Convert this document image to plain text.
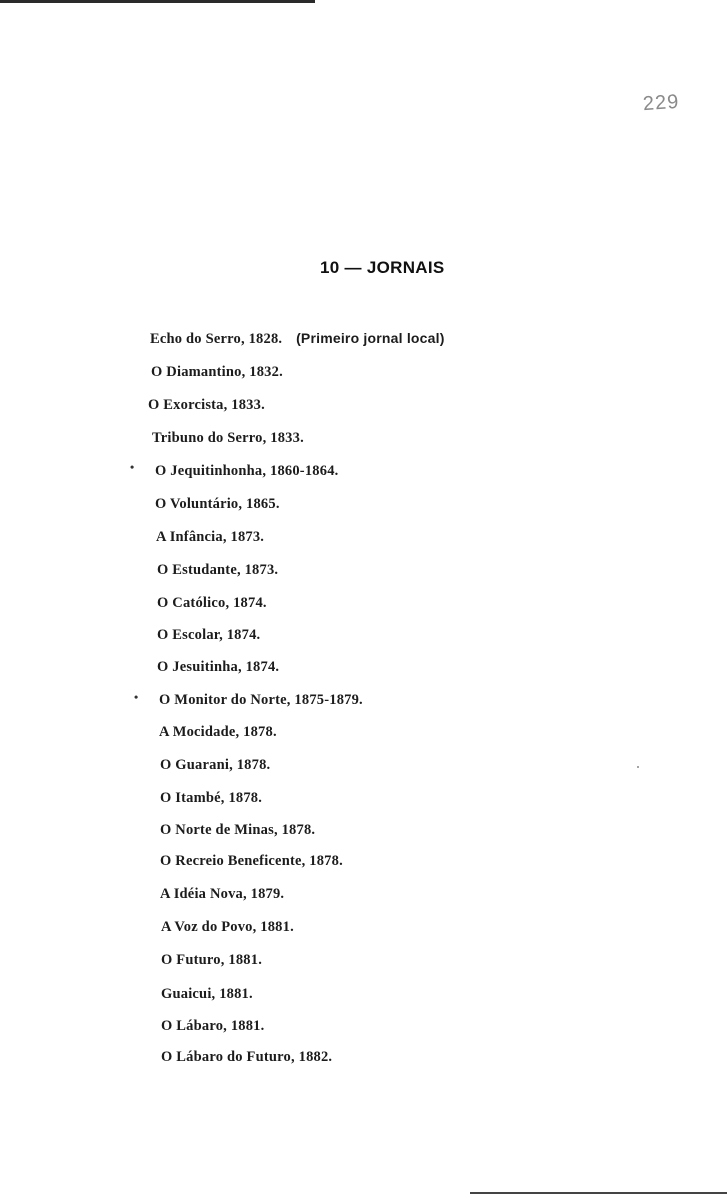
229
10 — JORNAIS
Echo do Serro, 1828. (Primeiro jornal local)
O Diamantino, 1832.
O Exorcista, 1833.
Tribuno do Serro, 1833.
• O Jequitinhonha, 1860-1864.
O Voluntário, 1865.
A Infância, 1873.
O Estudante, 1873.
O Católico, 1874.
O Escolar, 1874.
O Jesuitinha, 1874.
• O Monitor do Norte, 1875-1879.
A Mocidade, 1878.
O Guarani, 1878.
O Itambé, 1878.
O Norte de Minas, 1878.
O Recreio Beneficente, 1878.
A Idéia Nova, 1879.
A Voz do Povo, 1881.
O Futuro, 1881.
Guaicui, 1881.
O Lábaro, 1881.
O Lábaro do Futuro, 1882.
